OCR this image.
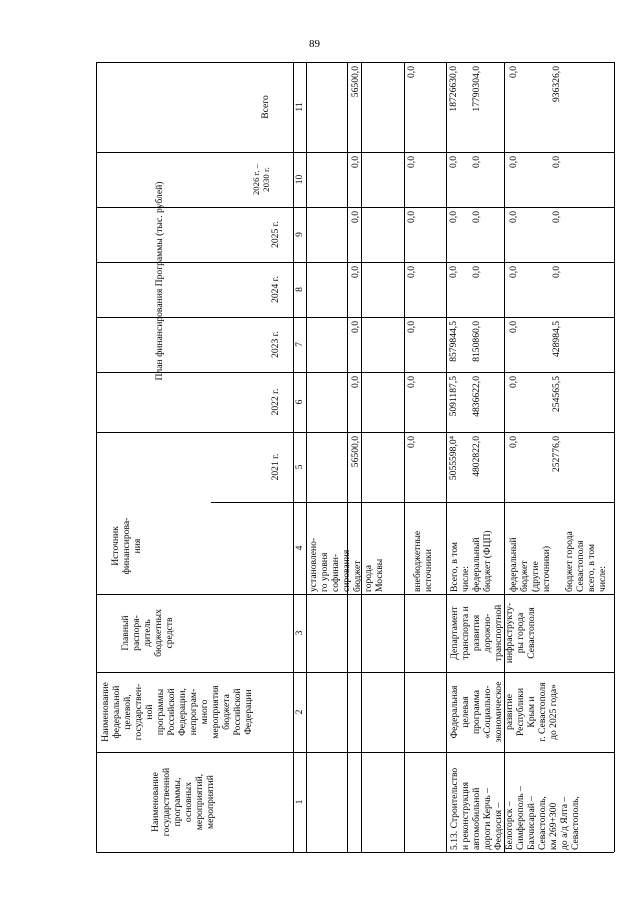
89
Наименование
государственной
программы,
основных
мероприятий,
мероприятий
Наименование
федеральной
целевой,
государствен-
ной
программы
Российской
Федерации,
непрограм-
много
мероприятия
бюджета
Российской
Федерации
Главный
распоря-
дитель
бюджетных
средств
Источник
финансирова-
ния
План финансирования Программы (тыс. рублей)
2021 г.
2022 г.
2023 г.
2024 г.
2025 г.
2026 г. –
2030 г.
Всего
1
2
3
4
5
6
7
8
9
10
11
установлено-
го уровня
софинан-
сирования бюджет
города
Москвы
56500,0
0,0
0,0
0,0
0,0
0,0
56500,0
внебюджетные
источники
0,0
0,0
0,0
0,0
0,0
0,0
0,0
5.13. Строительство
и реконструкция
автомобильной
дороги Керчь –
Феодосия –
Белогорск –
Симферополь –
Бахчисарай –
Севастополь,
км 269+300
до а/д Ялта –
Севастополь,
Федеральная
целевая
программа
«Социально-
экономическое
развитие
Республики
Крым и
г. Севастополя
до 2025 года»
Департамент
транспорта и
развития
дорожно-
транспортной
инфраструкту-
ры города
Севастополя
Всего, в том
числе:
5055598,0⁴
5091187,5
8579844,5
0,0
0,0
0,0
18726630,0
федеральный
бюджет (ФЦП)
4802822,0
4836622,0
8150860,0
0,0
0,0
0,0
17790304,0
федеральный
бюджет
(другие
источники)
0,0
0,0
0,0
0,0
0,0
0,0
0,0
бюджет города
Севастополя
всего, в том
числе:
252776,0
254565,5
428984,5
0,0
0,0
0,0
936326,0
